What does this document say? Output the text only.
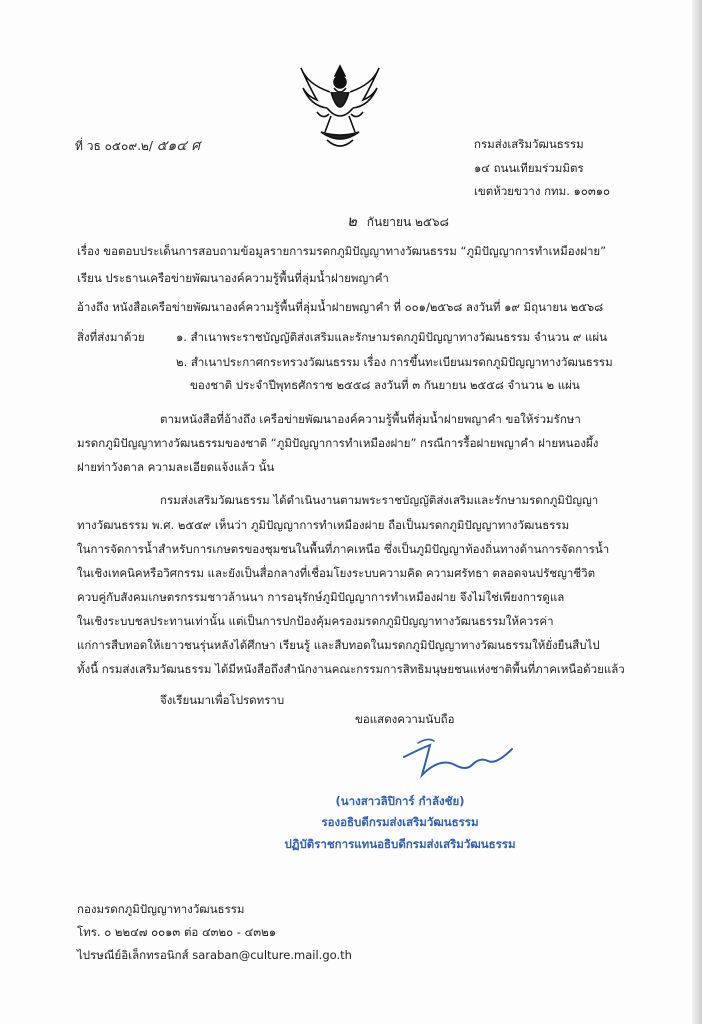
ที่ วธ ๐๕๐๙.๒/ ๕๑๔ ศ	กรมส่งเสริมวัฒนธรรม
๑๔ ถนนเทียมร่วมมิตร
เขตห้วยขวาง กทม. ๑๐๓๑๐
๒ กันยายน ๒๕๖๘
เรื่อง ขอตอบประเด็นการสอบถามข้อมูลรายการมรดกภูมิปัญญาทางวัฒนธรรม “ภูมิปัญญาการทำเหมืองฝาย”
เรียน ประธานเครือข่ายพัฒนาองค์ความรู้พื้นที่ลุ่มน้ำฝายพญาคำ
อ้างถึง หนังสือเครือข่ายพัฒนาองค์ความรู้พื้นที่ลุ่มน้ำฝายพญาคำ ที่ ๐๐๑/๒๕๖๘ ลงวันที่ ๑๙ มิถุนายน ๒๕๖๘
สิ่งที่ส่งมาด้วย	๑. สำเนาพระราชบัญญัติส่งเสริมและรักษามรดกภูมิปัญญาทางวัฒนธรรม จำนวน ๙ แผ่น
๒. สำเนาประกาศกระทรวงวัฒนธรรม เรื่อง การขึ้นทะเบียนมรดกภูมิปัญญาทางวัฒนธรรม
ของชาติ ประจำปีพุทธศักราช ๒๕๕๘ ลงวันที่ ๓ กันยายน ๒๕๕๘ จำนวน ๒ แผ่น
ตามหนังสือที่อ้างถึง เครือข่ายพัฒนาองค์ความรู้พื้นที่ลุ่มน้ำฝายพญาคำ ขอให้ร่วมรักษา
มรดกภูมิปัญญาทางวัฒนธรรมของชาติ “ภูมิปัญญาการทำเหมืองฝาย” กรณีการรื้อฝายพญาคำ ฝายหนองผึ้ง
ฝายท่าวังตาล ความละเอียดแจ้งแล้ว นั้น
กรมส่งเสริมวัฒนธรรม ได้ดำเนินงานตามพระราชบัญญัติส่งเสริมและรักษามรดกภูมิปัญญา
ทางวัฒนธรรม พ.ศ. ๒๕๕๙ เห็นว่า ภูมิปัญญาการทำเหมืองฝาย ถือเป็นมรดกภูมิปัญญาทางวัฒนธรรม
ในการจัดการน้ำสำหรับการเกษตรของชุมชนในพื้นที่ภาคเหนือ ซึ่งเป็นภูมิปัญญาท้องถิ่นทางด้านการจัดการน้ำ
ในเชิงเทคนิคหรือวิศกรรม และยังเป็นสื่อกลางที่เชื่อมโยงระบบความคิด ความศรัทธา ตลอดจนปรัชญาชีวิต
ควบคู่กับสังคมเกษตรกรรมชาวล้านนา การอนุรักษ์ภูมิปัญญาการทำเหมืองฝาย จึงไม่ใช่เพียงการดูแล
ในเชิงระบบชลประทานเท่านั้น แต่เป็นการปกป้องคุ้มครองมรดกภูมิปัญญาทางวัฒนธรรมให้ควรค่า
แก่การสืบทอดให้เยาวชนรุ่นหลังได้ศึกษา เรียนรู้ และสืบทอดในมรดกภูมิปัญญาทางวัฒนธรรมให้ยั่งยืนสืบไป
ทั้งนี้ กรมส่งเสริมวัฒนธรรม ได้มีหนังสือถึงสำนักงานคณะกรรมการสิทธิมนุษยชนแห่งชาติพื้นที่ภาคเหนือด้วยแล้ว
จึงเรียนมาเพื่อโปรดทราบ
ขอแสดงความนับถือ
(นางสาวลิปิการ์ กำลังชัย)
รองอธิบดีกรมส่งเสริมวัฒนธรรม
ปฏิบัติราชการแทนอธิบดีกรมส่งเสริมวัฒนธรรม
กองมรดกภูมิปัญญาทางวัฒนธรรม
โทร. ๐ ๒๒๔๗ ๐๐๑๓ ต่อ ๔๓๒๐ - ๔๓๒๑
ไปรษณีย์อิเล็กทรอนิกส์ saraban@culture.mail.go.th
